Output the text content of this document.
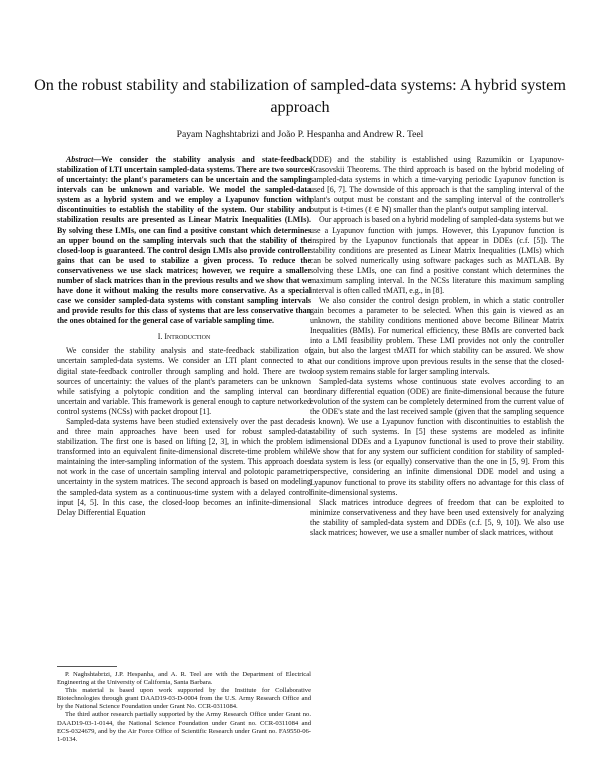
On the robust stability and stabilization of sampled-data systems: A hybrid system approach
Payam Naghshtabrizi and João P. Hespanha and Andrew R. Teel

Abstract—We consider the stability analysis and state-feedback stabilization of LTI uncertain sampled-data systems. There are two sources of uncertainty: the plant's parameters can be uncertain and the sampling intervals can be unknown and variable. We model the sampled-data system as a hybrid system and we employ a Lyapunov function with discontinuities to establish the stability of the system. Our stability and stabilization results are presented as Linear Matrix Inequalities (LMIs). By solving these LMIs, one can find a positive constant which determines an upper bound on the sampling intervals such that the stability of the closed-loop is guaranteed. The control design LMIs also provide controller gains that can be used to stabilize a given process. To reduce the conservativeness we use slack matrices; however, we require a smaller number of slack matrices than in the previous results and we show that we have done it without making the results more conservative. As a special case we consider sampled-data systems with constant sampling intervals and provide results for this class of systems that are less conservative than the ones obtained for the general case of variable sampling time.

I. Introduction

We consider the stability analysis and state-feedback stabilization of uncertain sampled-data systems. We consider an LTI plant connected to a digital state-feedback controller through sampling and hold. There are two sources of uncertainty: the values of the plant's parameters can be unknown while satisfying a polytopic condition and the sampling interval can be uncertain and variable. This framework is general enough to capture networked control systems (NCSs) with packet dropout [1].

Sampled-data systems have been studied extensively over the past decades and three main approaches have been used for robust sampled-data stabilization. The first one is based on lifting [2, 3], in which the problem is transformed into an equivalent finite-dimensional discrete-time problem while maintaining the inter-sampling information of the system. This approach does not work in the case of uncertain sampling interval and polotopic parametric uncertainty in the system matrices. The second approach is based on modeling the sampled-data system as a continuous-time system with a delayed control input [4, 5]. In this case, the closed-loop becomes an infinite-dimensional Delay Differential Equation

P. Naghshtabrizi, J.P. Hespanha, and A. R. Teel are with the Department of Electrical Engineering at the University of California, Santa Barbara.

This material is based upon work supported by the Institute for Collaborative Biotechnologies through grant DAAD19-03-D-0004 from the U.S. Army Research Office and by the National Science Foundation under Grant No. CCR-0311084.

The third author research partially supported by the Army Research Office under Grant no. DAAD19-03-1-0144, the National Science Foundation under Grant no. CCR-0311084 and ECS-0324679, and by the Air Force Office of Scientific Research under Grant no. FA9550-06-1-0134.

(DDE) and the stability is established using Razumikin or Lyapunov-Krasovskii Theorems. The third approach is based on the hybrid modeling of sampled-data systems in which a time-varying periodic Lyapunov function is used [6, 7]. The downside of this approach is that the sampling interval of the plant's output must be constant and the sampling interval of the controller's output is ℓ-times (ℓ ∈ ℕ) smaller than the plant's output sampling interval.

Our approach is based on a hybrid modeling of sampled-data systems but we use a Lyapunov function with jumps. However, this Lyapunov function is inspired by the Lyapunov functionals that appear in DDEs (c.f. [5]). The stability conditions are presented as Linear Matrix Inequalities (LMIs) which can be solved numerically using software packages such as MATLAB. By solving these LMIs, one can find a positive constant which determines the maximum sampling interval. In the NCSs literature this maximum sampling interval is often called τMATI, e.g., in [8].

We also consider the control design problem, in which a static controller gain becomes a parameter to be selected. When this gain is viewed as an unknown, the stability conditions mentioned above become Bilinear Matrix Inequalities (BMIs). For numerical efficiency, these BMIs are converted back into a LMI feasibility problem. These LMI provides not only the controller gain, but also the largest τMATI for which stability can be assured. We show that our conditions improve upon previous results in the sense that the closed-loop system remains stable for larger sampling intervals.

Sampled-data systems whose continuous state evolves according to an ordinary differential equation (ODE) are finite-dimensional because the future evolution of the system can be completely determined from the current value of the ODE's state and the last received sample (given that the sampling sequence is known). We use a Lyapunov function with discontinuities to establish the stability of such systems. In [5] these systems are modeled as infinite dimensional DDEs and a Lyapunov functional is used to prove their stability. We show that for any system our sufficient condition for stability of sampled-data system is less (or equally) conservative than the one in [5, 9]. From this perspective, considering an infinite dimensional DDE model and using a Lyapunov functional to prove its stability offers no advantage for this class of finite-dimensional systems.

Slack matrices introduce degrees of freedom that can be exploited to minimize conservativeness and they have been used extensively for analyzing the stability of sampled-data system and DDEs (c.f. [5, 9, 10]). We also use slack matrices; however, we use a smaller number of slack matrices, without
